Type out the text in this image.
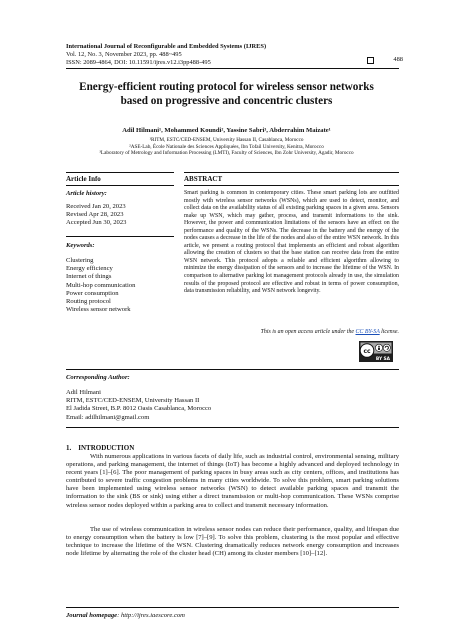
International Journal of Reconfigurable and Embedded Systems (IJRES)
Vol. 12, No. 3, November 2023, pp. 488~495
ISSN: 2089-4864, DOI: 10.11591/ijres.v12.i3pp488-495	488
Energy-efficient routing protocol for wireless sensor networks
based on progressive and concentric clusters
Adil Hilmani¹, Mohammed Koundi², Yassine Sabri³, Abderrahim Maizate¹
¹RITM, ESTC/CED-ENSEM, University Hassan II, Casablanca, Morocco
²ASE-Lab, École Nationale des Sciences Appliquées, Ibn Tofail University, Kenitra, Morocco
³Laboratory of Metrology and Information Processing (LMTI), Faculty of Sciences, Ibn Zohr University, Agadir, Morocco
Article Info	ABSTRACT
Article history:
Received Jan 20, 2023
Revised Apr 28, 2023
Accepted Jun 30, 2023
Keywords:
Clustering
Energy efficiency
Internet of things
Multi-hop communication
Power consumption
Routing protocol
Wireless sensor network
Smart parking is common in contemporary cities. These smart parking lots are outfitted mostly with wireless sensor networks (WSNs), which are used to detect, monitor, and collect data on the availability status of all existing parking spaces in a given area. Sensors make up WSN, which may gather, process, and transmit informations to the sink. However, the power and communication limitations of the sensors have an effect on the performance and quality of the WSNs. The decrease in the battery and the energy of the nodes causes a decrease in the life of the nodes and also of the entire WSN network. In this article, we present a routing protocol that implements an efficient and robust algorithm allowing the creation of clusters so that the base station can receive data from the entire WSN network. This protocol adopts a reliable and efficient algorithm allowing to minimize the energy dissipation of the sensors and to increase the lifetime of the WSN. In comparison to alternative parking lot management protocols already in use, the simulation results of the proposed protocol are effective and robust in terms of power consumption, data transmission reliability, and WSN network longevity.
This is an open access article under the CC BY-SA license.
cc
BY SA
Corresponding Author:
Adil Hilmani
RITM, ESTC/CED-ENSEM, University Hassan II
El Jadida Street, B.P. 8012 Oasis Casablanca, Morocco
Email: adilhilmani@gmail.com
1.    INTRODUCTION
With numerous applications in various facets of daily life, such as industrial control, environmental sensing, military operations, and parking management, the internet of things (IoT) has become a highly advanced and deployed technology in recent years [1]–[6]. The poor management of parking spaces in busy areas such as city centers, offices, and institutions has contributed to severe traffic congestion problems in many cities worldwide. To solve this problem, smart parking solutions have been implemented using wireless sensor networks (WSN) to detect available parking spaces and transmit the information to the sink (BS or sink) using either a direct transmission or multi-hop communication. These WSNs comprise wireless sensor nodes deployed within a parking area to collect and transmit necessary information.
The use of wireless communication in wireless sensor nodes can reduce their performance, quality, and lifespan due to energy consumption when the battery is low [7]–[9]. To solve this problem, clustering is the most popular and effective technique to increase the lifetime of the WSN. Clustering dramatically reduces network energy consumption and increases node lifetime by alternating the role of the cluster head (CH) among its cluster members [10]–[12].
Journal homepage: http://ijres.iaescore.com
